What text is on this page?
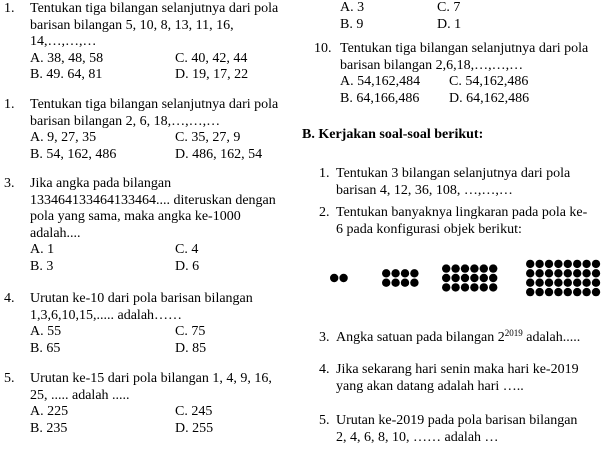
1. Tentukan tiga bilangan selanjutnya dari pola
barisan bilangan 5, 10, 8, 13, 11, 16,
14,…,…,…
A. 38, 48, 58	C. 40, 42, 44
B. 49. 64, 81	D. 19, 17, 22
1. Tentukan tiga bilangan selanjutnya dari pola
barisan bilangan 2, 6, 18,…,…,…
A. 9, 27, 35	C. 35, 27, 9
B. 54, 162, 486	D. 486, 162, 54
3. Jika angka pada bilangan
133464133464133464.... diteruskan dengan
pola yang sama, maka angka ke-1000
adalah....
A. 1	C. 4
B. 3	D. 6
4. Urutan ke-10 dari pola barisan bilangan
1,3,6,10,15,..... adalah……
A. 55	C. 75
B. 65	D. 85
5. Urutan ke-15 dari pola bilangan 1, 4, 9, 16,
25, ..... adalah .....
A. 225	C. 245
B. 235	D. 255
A. 3	C. 7
B. 9	D. 1
10. Tentukan tiga bilangan selanjutnya dari pola
barisan bilangan 2,6,18,…,…,…
A. 54,162,484	C. 54,162,486
B. 64,166,486	D. 64,162,486
B. Kerjakan soal-soal berikut:
1. Tentukan 3 bilangan selanjutnya dari pola
barisan 4, 12, 36, 108, …,…,…
2. Tentukan banyaknya lingkaran pada pola ke-
6 pada konfigurasi objek berikut:
3. Angka satuan pada bilangan $2^{2019}$ adalah.....
4. Jika sekarang hari senin maka hari ke-2019
yang akan datang adalah hari …..
5. Urutan ke-2019 pada pola barisan bilangan
2, 4, 6, 8, 10, …… adalah …
